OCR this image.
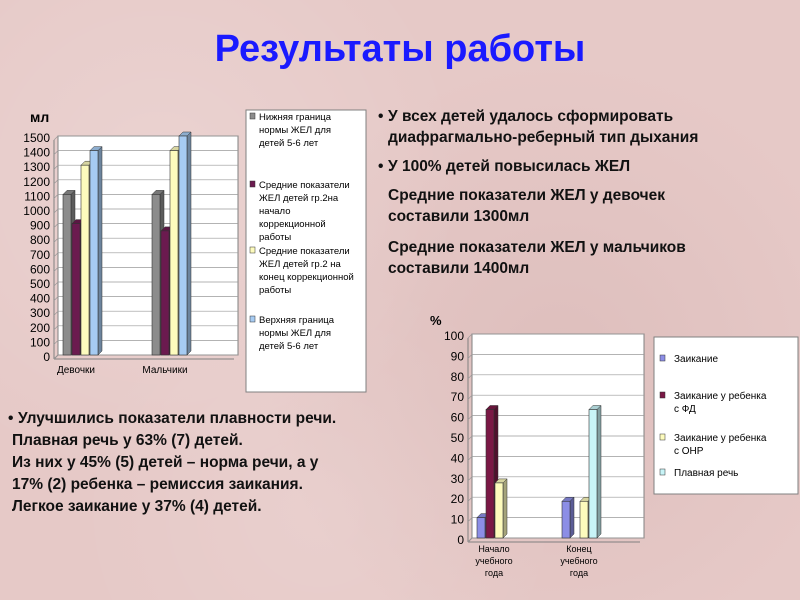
Результаты работы
• У всех детей удалось сформировать
диафрагмально-реберный тип дыхания
• У 100% детей повысилась ЖЕЛ
Средние показатели ЖЕЛ у девочек
составили 1300мл
Средние показатели ЖЕЛ у мальчиков
составили 1400мл
• Улучшились показатели плавности речи.
Плавная речь у 63% (7) детей.
Из них у 45% (5) детей – норма речи, а у
17% (2) ребенка – ремиссия заикания.
Легкое заикание у 37% (4) детей.
0
100
200
300
400
500
600
700
800
900
1000
1100
1200
1300
1400
1500
мл
Девочки	Мальчики
Нижняя граница
нормы ЖЕЛ для
детей 5-6 лет
Средние показатели
ЖЕЛ детей гр.2на
начало
коррекционной
работы
Средние показатели
ЖЕЛ детей гр.2 на
конец коррекционной
работы
Верхняя граница
нормы ЖЕЛ для
детей 5-6 лет
0
10
20
30
40
50
60
70
80
90
100
%
Начало
учебного
года
Конец
учебного
года
Заикание
Заикание у ребенка
с ФД
Заикание у ребенка
с ОНР
Плавная речь
